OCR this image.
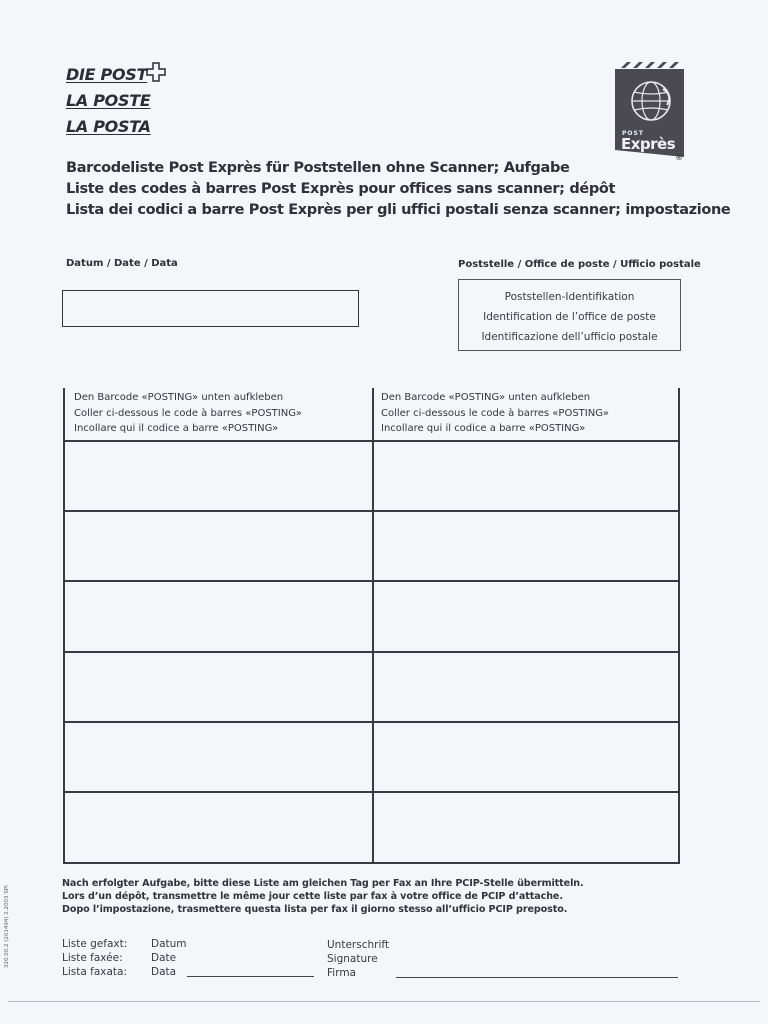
DIE POST
LA POSTE
LA POSTA	POST
Exprès
®
Barcodeliste Post Exprès für Poststellen ohne Scanner; Aufgabe
Liste des codes à barres Post Exprès pour offices sans scanner; dépôt
Lista dei codici a barre Post Exprès per gli uffici postali senza scanner; impostazione
Datum / Date / Data	Poststelle / Office de poste / Ufficio postale
Poststellen-Identifikation
Identification de l’office de poste
Identificazione dell’ufficio postale
Den Barcode «POSTING» unten aufkleben
Coller ci-dessous le code à barres «POSTING»
Incollare qui il codice a barre «POSTING»
Den Barcode «POSTING» unten aufkleben
Coller ci-dessous le code à barres «POSTING»
Incollare qui il codice a barre «POSTING»
Nach erfolgter Aufgabe, bitte diese Liste am gleichen Tag per Fax an Ihre PCIP-Stelle übermitteln.
Lors d’un dépôt, transmettre le même jour cette liste par fax à votre office de PCIP d’attache.
Dopo l’impostazione, trasmettere questa lista per fax il giorno stesso all’ufficio PCIP preposto.
Liste gefaxt:
Liste faxée:
Lista faxata:
Datum
Date
Data
Unterschrift
Signature
Firma
320.00.2 (201494) 2.2003 SPI
